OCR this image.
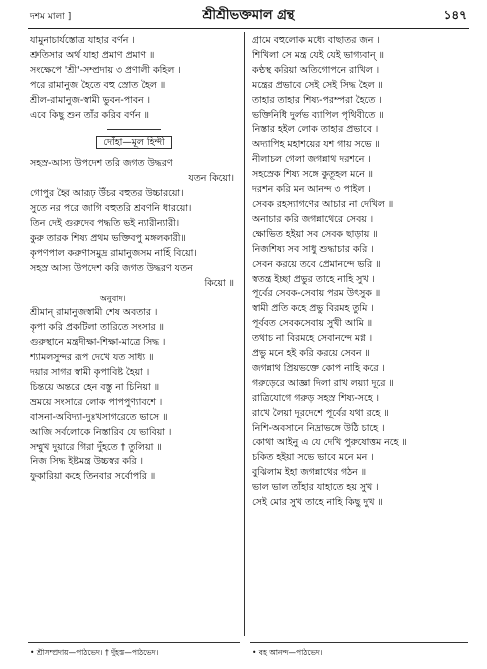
দশম মালা ]	শ্রীশ্রীভক্তমাল গ্রন্থ	১৪৭
যামুনাচার্যস্তোত্র যাহার বর্ণন ।
শ্রুতিসার অর্থ যাহা প্রমাণ প্রমাণ ॥
সংক্ষেপে 'শ্রী'-সম্প্রদায় ৩ প্রণালী কহিল ।
পরে রামানুজ হৈতে বহু স্রোত হৈল ॥
শ্রীল-রামানুজ-স্বামী ভুবন-পাবন ।
এবে কিছু শুন তাঁর করিব বর্ণন ॥
দোঁহা—মূল হিন্দী
সহস্র-আস্য উপদেশ তরি জগত উদ্ধরণ
যতন কিয়ো।
গোপুর হ্বৈ আরূঢ় উঁচর বহুতর উচ্চারয়ো।
সুতে নর পরে জাগি বহুতরি শ্রবণনি ধারয়ো।
তিন দেই গুরুদেব পদ্ধতি ভই ন্যারীন্যারী।
কুরু তারক শিষ্য প্রথম ভক্তিবপু মঙ্গলকারী॥
কৃপণপাল করুণাসমুদ্র রামানুজসম নাহিঁ বিয়ো।
সহস্র আস্য উপদেশ করি জগত উদ্ধরণ যতন
কিয়ো ॥
অনুবাদ।
শ্রীমান্ রামানুজস্বামী শেষ অবতার ।
কৃপা করি প্রকটিলা তারিতে সংসার ॥
গুরুস্থানে মন্ত্রদীক্ষা-শিক্ষা-মাত্রে সিদ্ধ ।
শ্যামলসুন্দর রূপ দেখে যত সাধ্য ॥
দয়ার সাগর স্বামী কৃপাবিষ্ট হৈয়া ।
চিন্তয়ে অন্তরে হেন বস্তু না চিনিয়া ॥
ভ্রময়ে সংসারে লোক পাপপুণ্যাবশে ।
বাসনা-অবিদ্যা-দুঃখসাগরেতে ভাসে ॥
আজি সর্বলোকে নিস্তারিব যে ভাবিয়া ।
সম্মুখ দুয়ারে গিরা দুঁহতে † তুলিয়া ॥
নিজ সিদ্ধ ইষ্টমন্ত্র উচ্চস্বর করি ।
ফুকারিয়া কহে তিনবার সর্বোপরি ॥
গ্রামে বহুলোক মধ্যে বাছাতর জন ।
শিখিলা সে মন্ত্র যেই যেই ভাগ্যবান্ ॥
কণ্ঠস্থ করিয়া অতিগোপনে রাখিল ।
মন্ত্রের প্রভাবে সেই সেই সিদ্ধ হৈল ॥
তাহার তাহার শিষ্য-পরম্পরা হৈতে ।
ভক্তিনিধি দুর্লভ ব্যাপিল পৃথিবীতে ॥
নিস্তার হইল লোক তাহার প্রভাবে ।
অদ্যাপিহ মহাশয়ের যশ গায় সভে ॥
নীলাচল গেলা জগন্নাথ দরশনে ।
সহস্রেক শিষ্য সঙ্গে কুতূহল মনে ॥
দরশন করি মন আনন্দ ৩ পাইল ।
সেবক রহস্যাগণের আচার না দেখিল ॥
অনাচার করি জগন্নাথেরে সেবয় ।
ক্ষোভিত হইয়া সব সেবক ছাড়ায় ॥
নিজশিষ্য সব সাধু শুদ্ধাচার করি ।
সেবন করয়ে তবে প্রেমানন্দে ভরি ॥
স্বতন্ত্র ইচ্ছা প্রভুর তাহে নাহি সুখ ।
পূর্বের সেবক-সেবায় পরম উৎসুক ॥
স্বামী প্রতি কহে প্রভু বিরমহ তুমি ।
পূর্ববত সেবকসেবায় সুখী আমি ॥
তথাচ না বিরমহে সেবানন্দে মগ্ন ।
প্রভু মনে হই করি করয়ে সেবন ॥
জগন্নাথ প্রিয়ভক্তে কোপ নাহি করে ।
গরুড়েরে আজ্ঞা দিলা রাখ লয়্যা দূরে ॥
রাত্রিযোগে গরুড় সহস্র শিষ্য-সহে ।
রাখে লৈয়া দূরদেশে পূর্বের যথা রহে ॥
নিশি-অবসানে নিদ্রাভঙ্গে উঠি চাহে ।
কোথা আইনু এ যে দেখি পুরুষোত্তম নহে ॥
চকিত হইয়া সভে ভাবে মনে মন ।
বুঝিলাম ইহা জগন্নাথের গঠন ॥
ভাল ভাল তাঁহার যাহাতে হয় সুখ ।
সেই মোর সুখ তাহে নাহি কিছু দুখ ॥
• শ্রীসম্প্রদায়—পাঠভেদ। † দুঁহস্ত—পাঠভেদ।	• বহ আনন্দ—পাঠভেদ।
